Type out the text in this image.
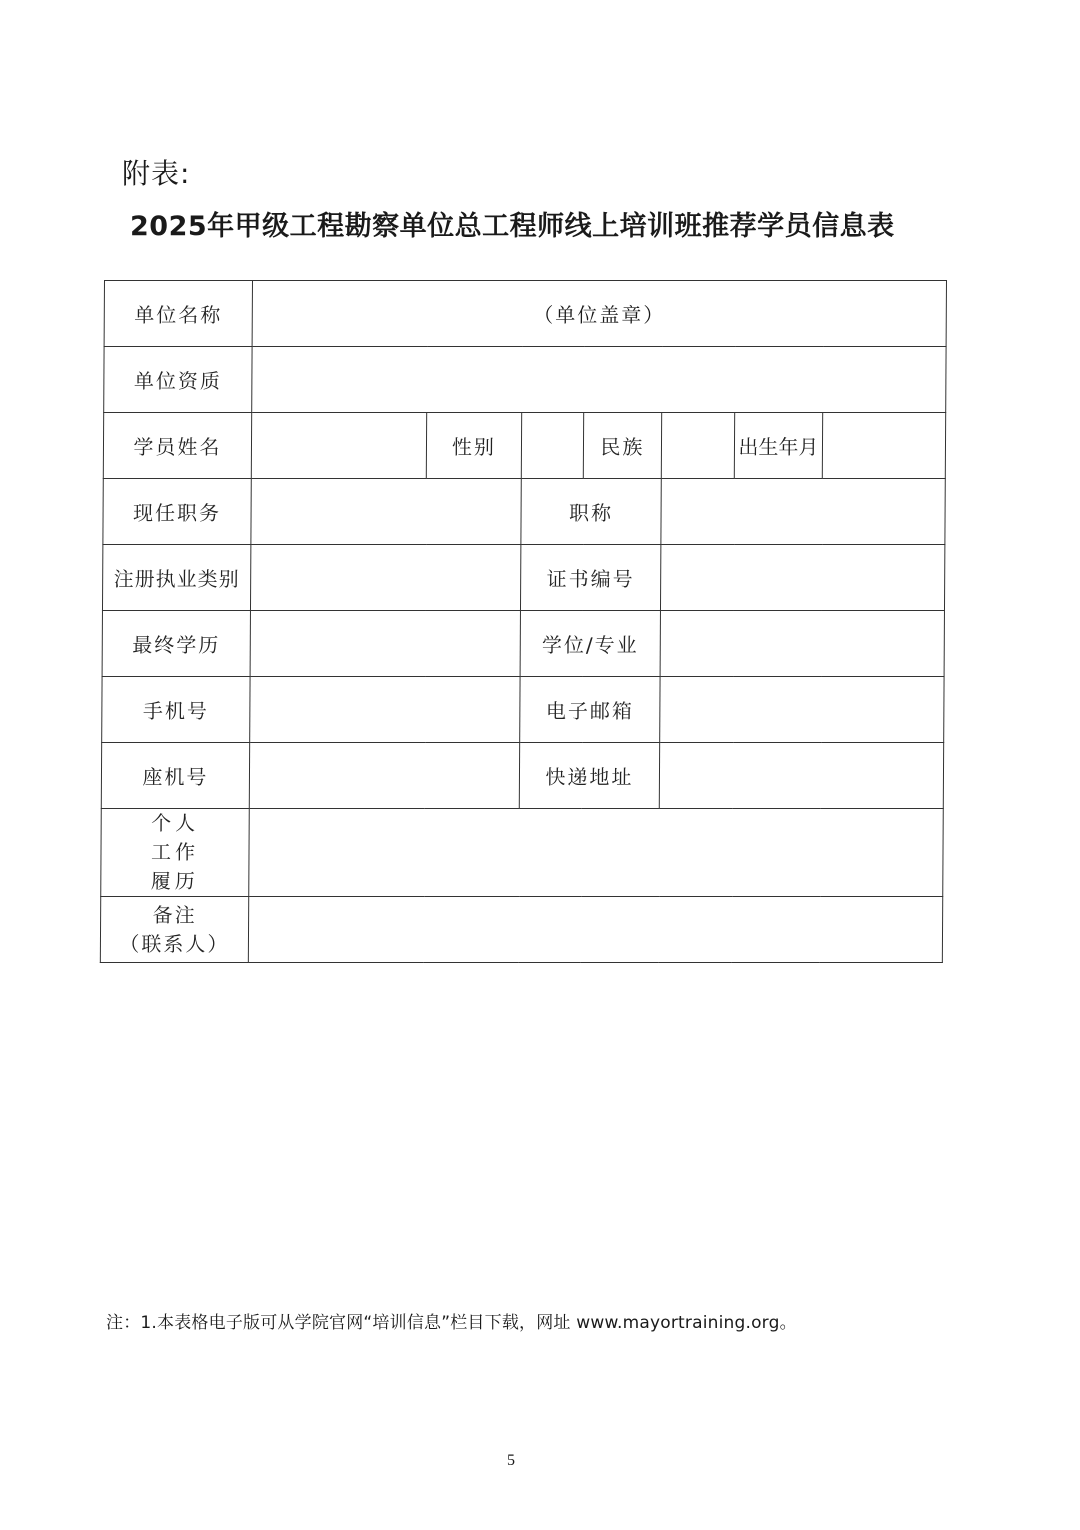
附表:
2025年甲级工程勘察单位总工程师线上培训班推荐学员信息表
单位名称	（单位盖章）						
单位资质							
学员姓名		性别		民族		出生年月	
现任职务			职称				
注册执业类别			证书编号				
最终学历			学位/专业				
手机号			电子邮箱				
座机号			快递地址				
个人
工作
履历							
备注
（联系人）							
注：1.本表格电子版可从学院官网“培训信息”栏目下载，网址 www.mayortraining.org。
5
